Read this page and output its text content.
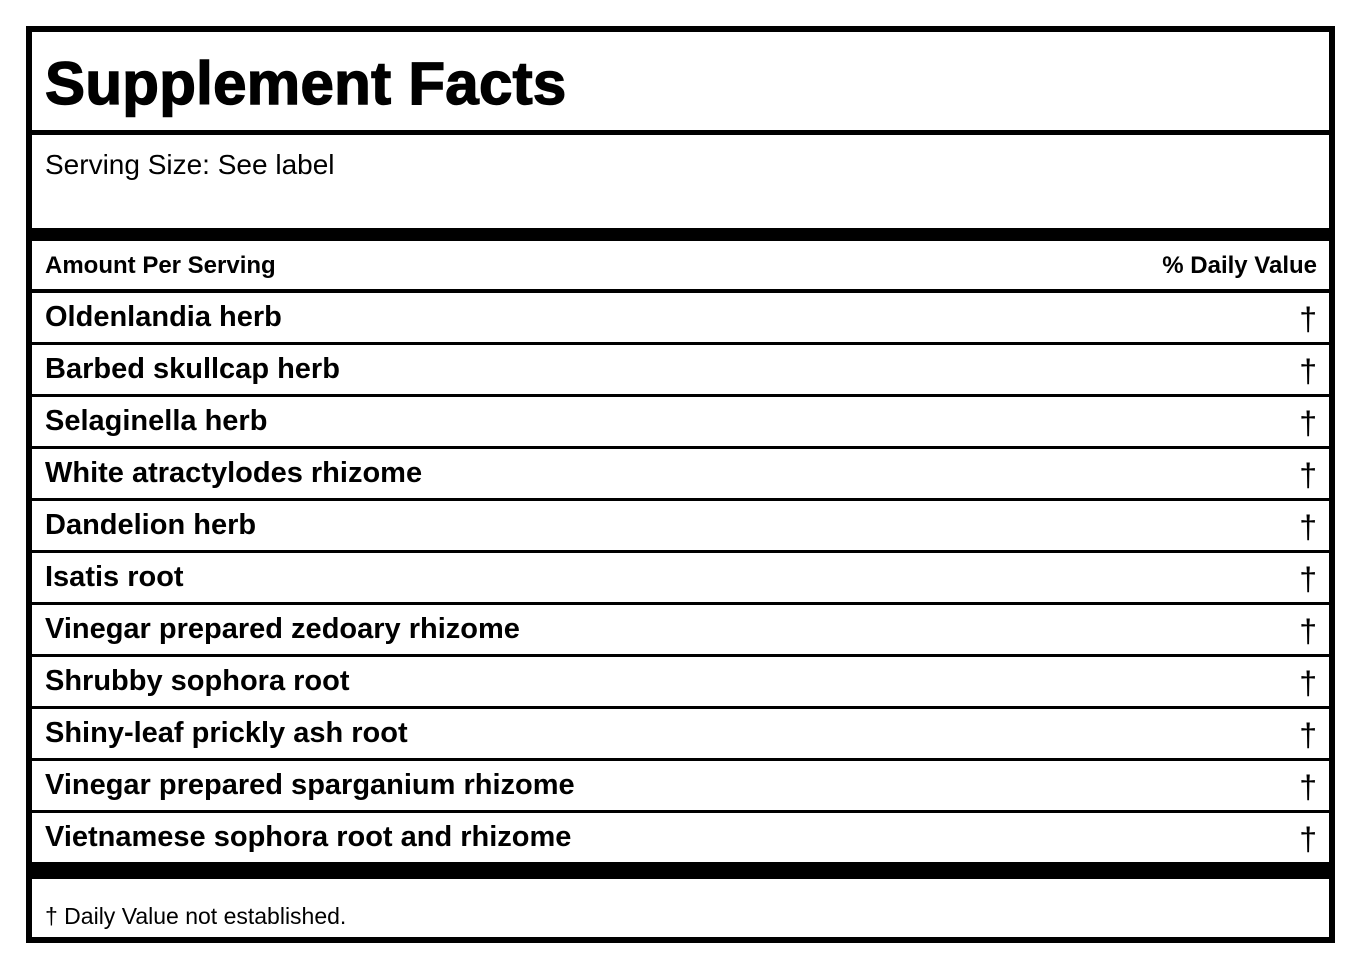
Supplement Facts
Serving Size: See label
Amount Per Serving	% Daily Value
Oldenlandia herb	†
Barbed skullcap herb	†
Selaginella herb	†
White atractylodes rhizome	†
Dandelion herb	†
Isatis root	†
Vinegar prepared zedoary rhizome	†
Shrubby sophora root	†
Shiny-leaf prickly ash root	†
Vinegar prepared sparganium rhizome	†
Vietnamese sophora root and rhizome	†
† Daily Value not established.
